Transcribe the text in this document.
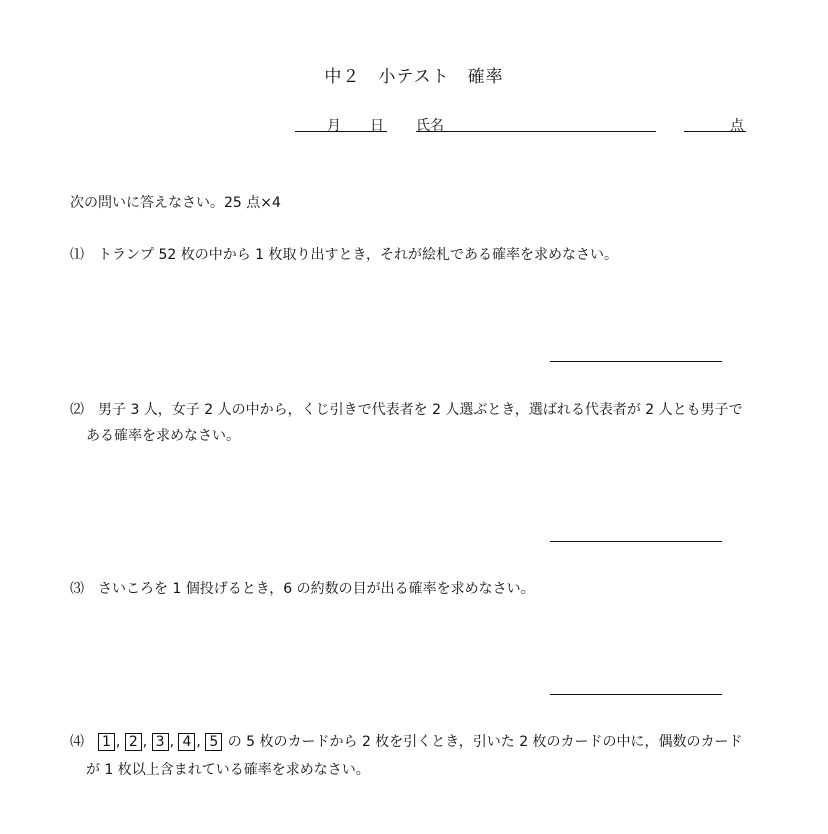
中２　小テスト　確率
月 日 氏名	点
次の問いに答えなさい。25 点×4
⑴ トランプ 52 枚の中から 1 枚取り出すとき，それが絵札である確率を求めなさい。
⑵ 男子 3 人，女子 2 人の中から，くじ引きで代表者を 2 人選ぶとき，選ばれる代表者が 2 人とも男子で
ある確率を求めなさい。
⑶ さいころを 1 個投げるとき，6 の約数の目が出る確率を求めなさい。
⑷ 1 , 2 , 3 , 4 , 5 の 5 枚のカードから 2 枚を引くとき，引いた 2 枚のカードの中に，偶数のカード
が 1 枚以上含まれている確率を求めなさい。
